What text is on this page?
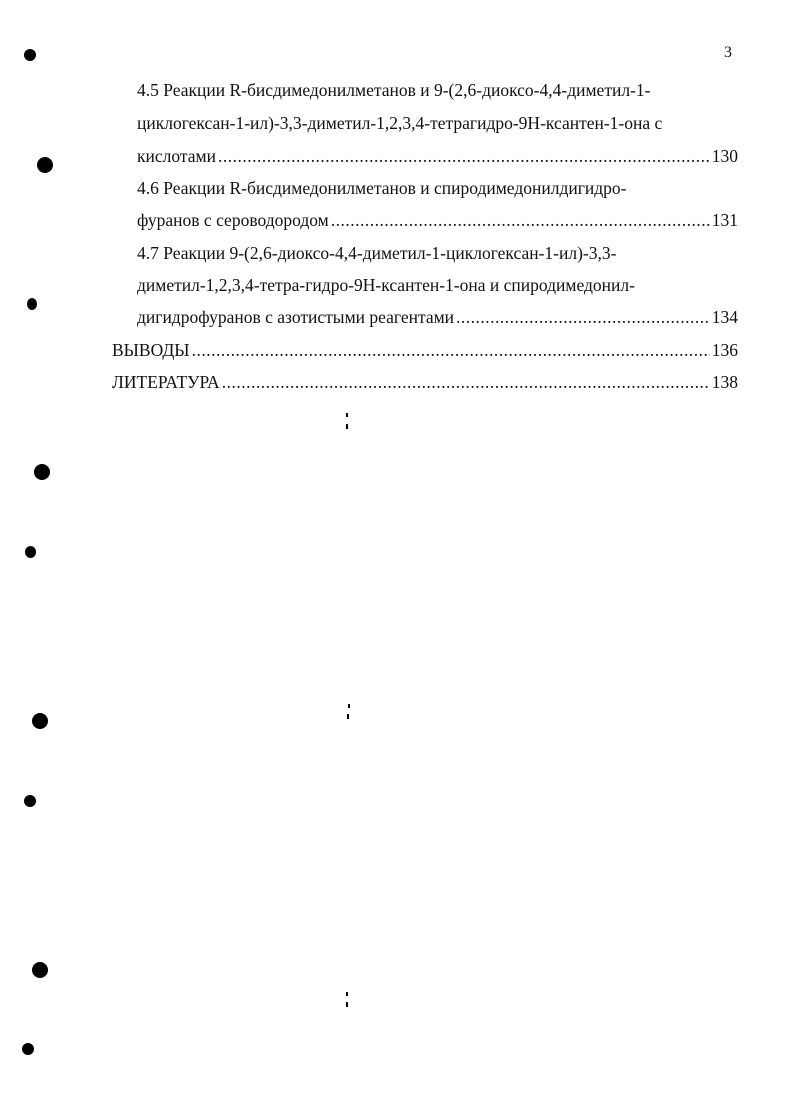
3
4.5 Реакции R-бисдимедонилметанов и 9-(2,6-диоксо-4,4-диметил-1-
циклогексан-1-ил)-3,3-диметил-1,2,3,4-тетрагидро-9Н-ксантен-1-она с
кислотами .....	130
4.6 Реакции R-бисдимедонилметанов и спиродимедонилдигидро-
фуранов с сероводородом .....	131
4.7 Реакции 9-(2,6-диоксо-4,4-диметил-1-циклогексан-1-ил)-3,3-
диметил-1,2,3,4-тетра-гидро-9Н-ксантен-1-она и спиродимедонил-
дигидрофуранов с азотистыми реагентами .....	134
ВЫВОДЫ .....	136
ЛИТЕРАТУРА .....	138
